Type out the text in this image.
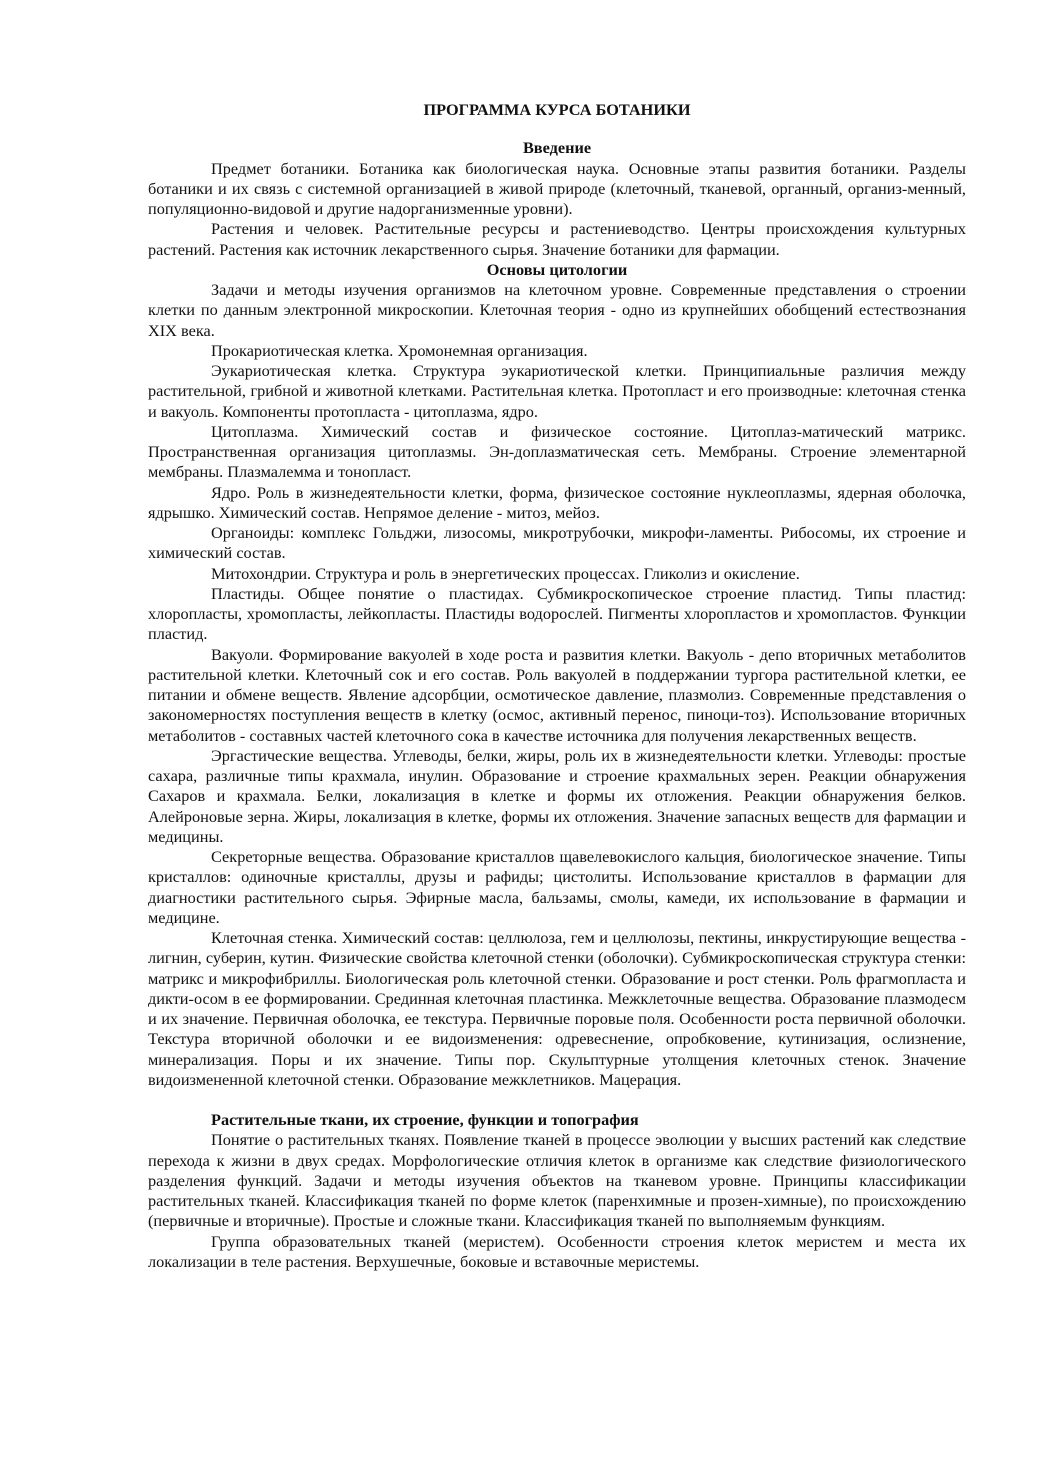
ПРОГРАММА КУРСА БОТАНИКИ
Введение

Предмет ботаники. Ботаника как биологическая наука. Основные этапы развития ботаники. Разделы ботаники и их связь с системной организацией в живой природе (клеточный, тканевой, органный, организ-менный, популяционно-видовой и другие надорганизменные уровни).

Растения и человек. Растительные ресурсы и растениеводство. Центры происхождения культурных растений. Растения как источник лекарственного сырья. Значение ботаники для фармации.

Основы цитологии

Задачи и методы изучения организмов на клеточном уровне. Современные представления о строении клетки по данным электронной микроскопии. Клеточная теория - одно из крупнейших обобщений естествознания XIX века.

Прокариотическая клетка. Хромонемная организация.

Эукариотическая клетка. Структура эукариотической клетки. Принципиальные различия между растительной, грибной и животной клетками. Растительная клетка. Протопласт и его производные: клеточная стенка и вакуоль. Компоненты протопласта - цитоплазма, ядро.

Цитоплазма. Химический состав и физическое состояние. Цитоплаз-матический матрикс. Пространственная организация цитоплазмы. Эн-доплазматическая сеть. Мембраны. Строение элементарной мембраны. Плазмалемма и тонопласт.

Ядро. Роль в жизнедеятельности клетки, форма, физическое состояние нуклеоплазмы, ядерная оболочка, ядрышко. Химический состав. Непрямое деление - митоз, мейоз.

Органоиды: комплекс Гольджи, лизосомы, микротрубочки, микрофи-ламенты. Рибосомы, их строение и химический состав.

Митохондрии. Структура и роль в энергетических процессах. Гликолиз и окисление.

Пластиды. Общее понятие о пластидах. Субмикроскопическое строение пластид. Типы пластид: хлоропласты, хромопласты, лейкопласты. Пластиды водорослей. Пигменты хлоропластов и хромопластов. Функции пластид.

Вакуоли. Формирование вакуолей в ходе роста и развития клетки. Вакуоль - депо вторичных метаболитов растительной клетки. Клеточный сок и его состав. Роль вакуолей в поддержании тургора растительной клетки, ее питании и обмене веществ. Явление адсорбции, осмотическое давление, плазмолиз. Современные представления о закономерностях поступления веществ в клетку (осмос, активный перенос, пиноци-тоз). Использование вторичных метаболитов - составных частей клеточного сока в качестве источника для получения лекарственных веществ.

Эргастические вещества. Углеводы, белки, жиры, роль их в жизнедеятельности клетки. Углеводы: простые сахара, различные типы крахмала, инулин. Образование и строение крахмальных зерен. Реакции обнаружения Сахаров и крахмала. Белки, локализация в клетке и формы их отложения. Реакции обнаружения белков. Алейроновые зерна. Жиры, локализация в клетке, формы их отложения. Значение запасных веществ для фармации и медицины.

Секреторные вещества. Образование кристаллов щавелевокислого кальция, биологическое значение. Типы кристаллов: одиночные кристаллы, друзы и рафиды; цистолиты. Использование кристаллов в фармации для диагностики растительного сырья. Эфирные масла, бальзамы, смолы, камеди, их использование в фармации и медицине.

Клеточная стенка. Химический состав: целлюлоза, гем и целлюлозы, пектины, инкрустирующие вещества - лигнин, суберин, кутин. Физические свойства клеточной стенки (оболочки). Субмикроскопическая структура стенки: матрикс и микрофибриллы. Биологическая роль клеточной стенки. Образование и рост стенки. Роль фрагмопласта и дикти-осом в ее формировании. Срединная клеточная пластинка. Межклеточные вещества. Образование плазмодесм и их значение. Первичная оболочка, ее текстура. Первичные поровые поля. Особенности роста первичной оболочки. Текстура вторичной оболочки и ее видоизменения: одревеснение, опробковение, кутинизация, ослизнение, минерализация. Поры и их значение. Типы пор. Скульптурные утолщения клеточных стенок. Значение видоизмененной клеточной стенки. Образование межклетников. Мацерация.

Растительные ткани, их строение, функции и топография

Понятие о растительных тканях. Появление тканей в процессе эволюции у высших растений как следствие перехода к жизни в двух средах. Морфологические отличия клеток в организме как следствие физиологического разделения функций. Задачи и методы изучения объектов на тканевом уровне. Принципы классификации растительных тканей. Классификация тканей по форме клеток (паренхимные и прозен-химные), по происхождению (первичные и вторичные). Простые и сложные ткани. Классификация тканей по выполняемым функциям.

Группа образовательных тканей (меристем). Особенности строения клеток меристем и места их локализации в теле растения. Верхушечные, боковые и вставочные меристемы.
